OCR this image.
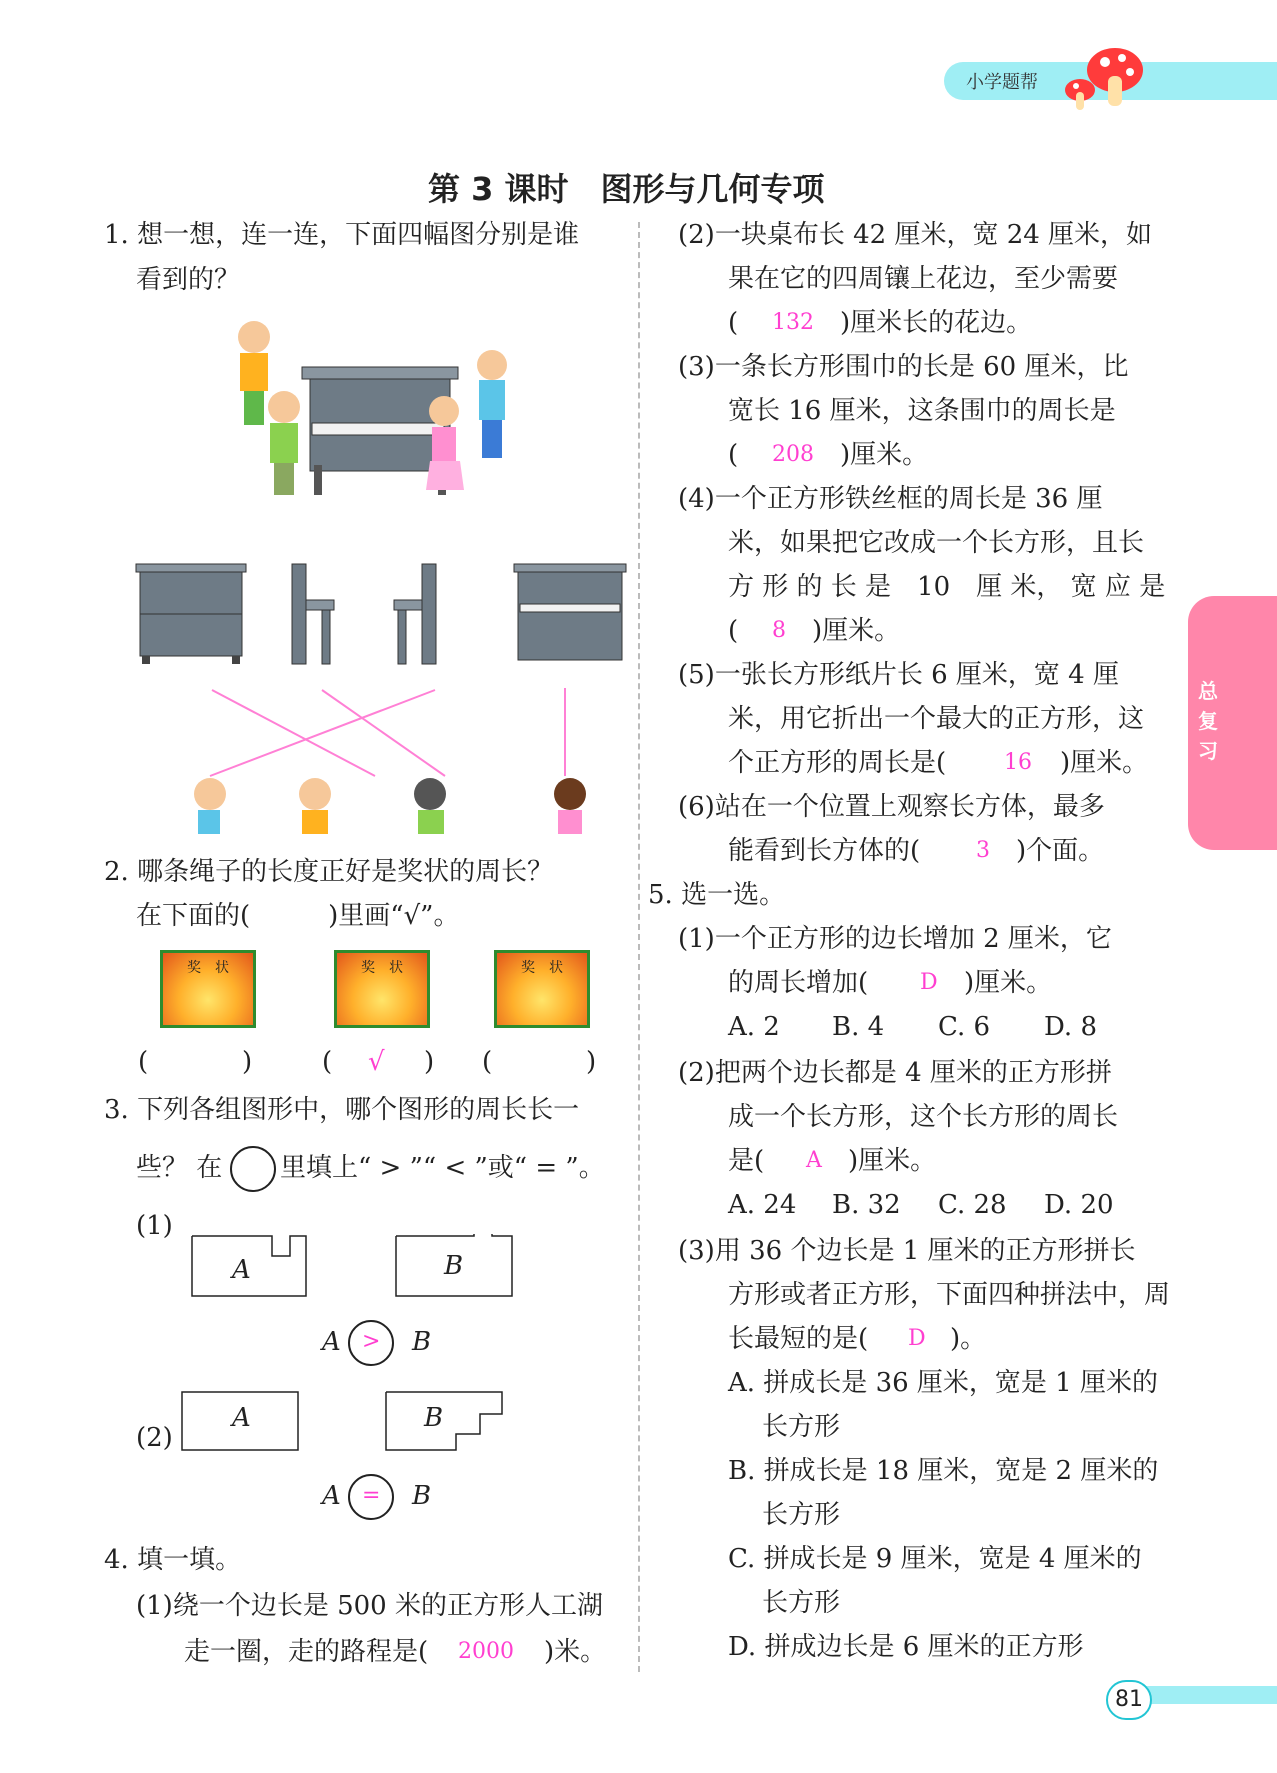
小学题帮
总复习
第 3 课时　图形与几何专项
1. 想一想，连一连，下面四幅图分别是谁
看到的？
2. 哪条绳子的长度正好是奖状的周长？
在下面的(　　　)里画“√”。
奖　状	奖　状	奖　状
(	)	( √ ) (	)
3. 下列各组图形中，哪个图形的周长长一
些？ 在 里填上“ > ”“ < ”或“ = ”。
(1)
A	B
A > B
(2)
A	B
A = B
4. 填一填。
(1)绕一个边长是 500 米的正方形人工湖
走一圈，走的路程是( 2000 )米。
(2)一块桌布长 42 厘米，宽 24 厘米，如
果在它的四周镶上花边，至少需要
( 132 )厘米长的花边。
(3)一条长方形围巾的长是 60 厘米，比
宽长 16 厘米，这条围巾的周长是
( 208 )厘米。
(4)一个正方形铁丝框的周长是 36 厘
米，如果把它改成一个长方形，且长
方 形 的 长 是　10　厘 米， 宽 应 是
( 8 )厘米。
(5)一张长方形纸片长 6 厘米，宽 4 厘
米，用它折出一个最大的正方形，这
个正方形的周长是(	16 )厘米。
(6)站在一个位置上观察长方体，最多
能看到长方体的(	3 )个面。
5. 选一选。
(1)一个正方形的边长增加 2 厘米，它
的周长增加( D )厘米。
A. 2 B. 4 C. 6 D. 8
(2)把两个边长都是 4 厘米的正方形拼
成一个长方形，这个长方形的周长
是( A )厘米。
A. 24 B. 32 C. 28 D. 20
(3)用 36 个边长是 1 厘米的正方形拼长
方形或者正方形，下面四种拼法中，周
长最短的是( D )。
A. 拼成长是 36 厘米，宽是 1 厘米的
长方形
B. 拼成长是 18 厘米，宽是 2 厘米的
长方形
C. 拼成长是 9 厘米，宽是 4 厘米的
长方形
D. 拼成边长是 6 厘米的正方形
81
